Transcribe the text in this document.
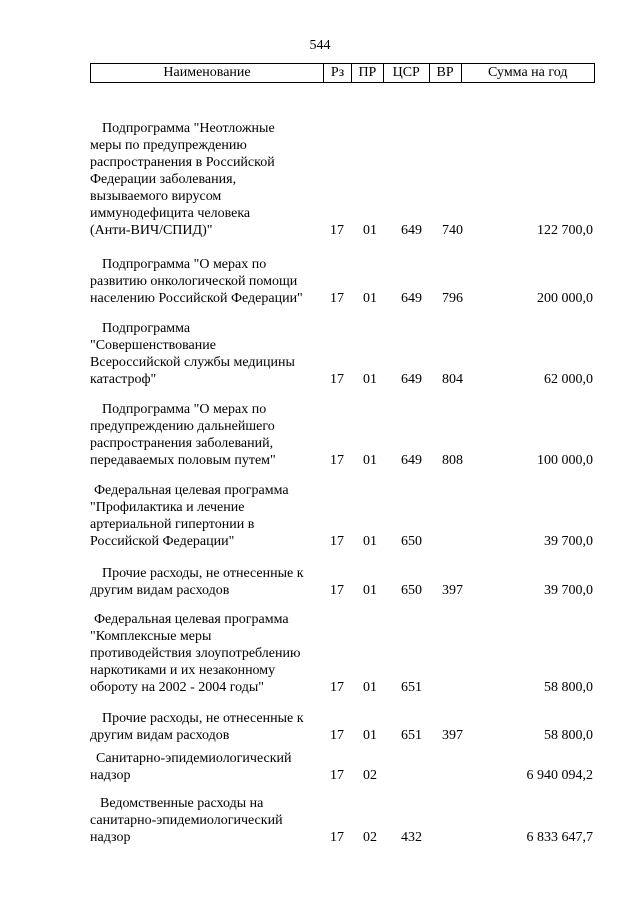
544
Наименование	Рз	ПР	ЦСР	ВР	Сумма на год
Подпрограмма "Неотложные
меры по предупреждению
распространения в Российской
Федерации заболевания,
вызываемого вирусом
иммунодефицита человека
(Анти-ВИЧ/СПИД)"	17 01 649 740	122 700,0
Подпрограмма "О мерах по
развитию онкологической помощи
населению Российской Федерации"	17 01 649 796	200 000,0
Подпрограмма
"Совершенствование
Всероссийской службы медицины
катастроф"	17 01 649 804	62 000,0
Подпрограмма "О мерах по
предупреждению дальнейшего
распространения заболеваний,
передаваемых половым путем"	17 01 649 808	100 000,0
Федеральная целевая программа
"Профилактика и лечение
артериальной гипертонии в
Российской Федерации"	17 01 650	39 700,0
Прочие расходы, не отнесенные к
другим видам расходов	17 01 650 397	39 700,0
Федеральная целевая программа
"Комплексные меры
противодействия злоупотреблению
наркотиками и их незаконному
обороту на 2002 - 2004 годы"	17 01 651	58 800,0
Прочие расходы, не отнесенные к
другим видам расходов	17 01 651 397	58 800,0
Санитарно-эпидемиологический
надзор	17 02	6 940 094,2
Ведомственные расходы на
санитарно-эпидемиологический
надзор	17 02 432	6 833 647,7
